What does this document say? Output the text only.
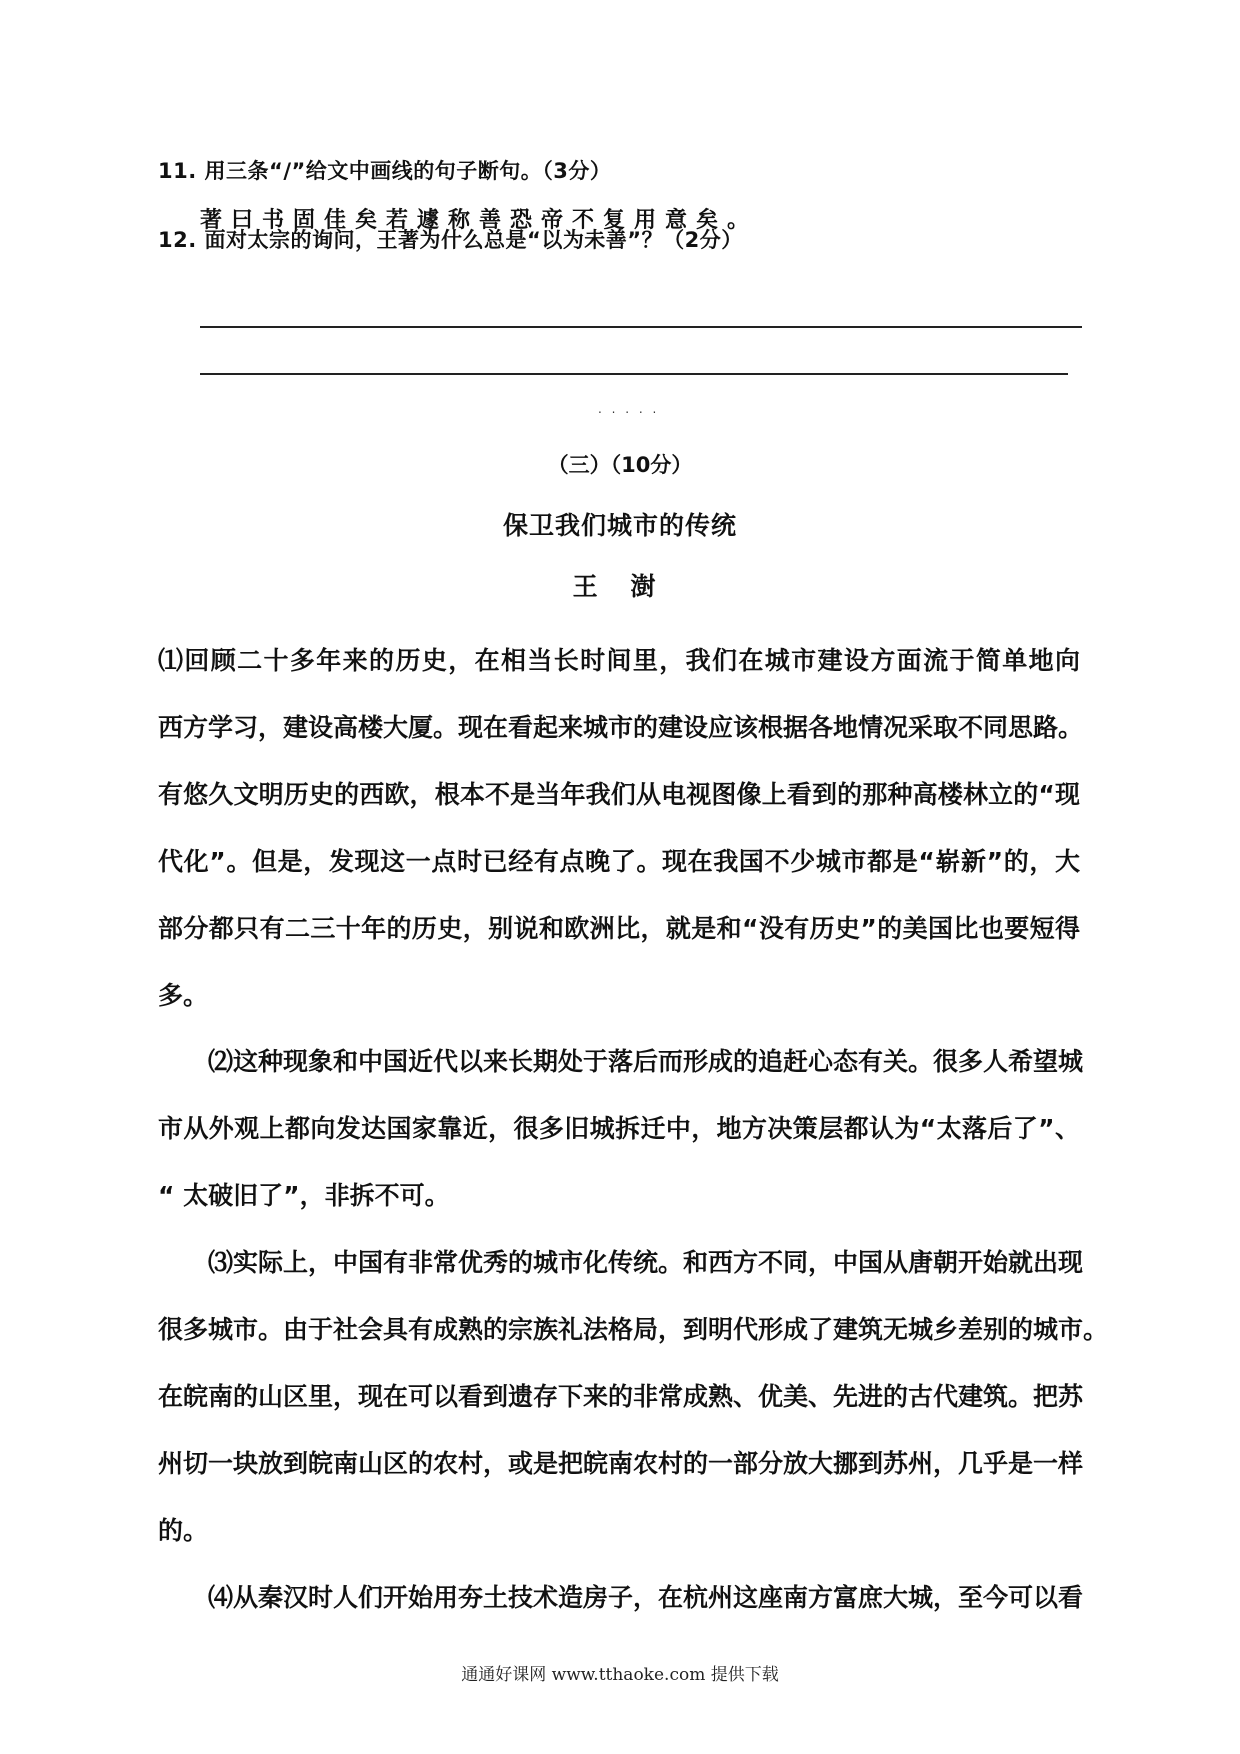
11. 用三条“/”给文中画线的句子断句。（3分）
著曰书固佳矣若遽称善恐帝不复用意矣。
12. 面对太宗的询问，王著为什么总是“以为未善”？（2分）
. . . . .
（三）（10分）
保卫我们城市的传统
王 澍
⑴回顾二十多年来的历史，在相当长时间里，我们在城市建设方面流于简单地向
西方学习，建设高楼大厦。现在看起来城市的建设应该根据各地情况采取不同思路。
有悠久文明历史的西欧，根本不是当年我们从电视图像上看到的那种高楼林立的“现
代化”。但是，发现这一点时已经有点晚了。现在我国不少城市都是“崭新”的，大
部分都只有二三十年的历史，别说和欧洲比，就是和“没有历史”的美国比也要短得
多。
⑵这种现象和中国近代以来长期处于落后而形成的追赶心态有关。很多人希望城
市从外观上都向发达国家靠近，很多旧城拆迁中，地方决策层都认为“太落后了”、
“ 太破旧了”，非拆不可。
⑶实际上，中国有非常优秀的城市化传统。和西方不同，中国从唐朝开始就出现
很多城市。由于社会具有成熟的宗族礼法格局，到明代形成了建筑无城乡差别的城市。
在皖南的山区里，现在可以看到遗存下来的非常成熟、优美、先进的古代建筑。把苏
州切一块放到皖南山区的农村，或是把皖南农村的一部分放大挪到苏州，几乎是一样
的。
⑷从秦汉时人们开始用夯土技术造房子，在杭州这座南方富庶大城，至今可以看
通通好课网 www.tthaoke.com 提供下载
